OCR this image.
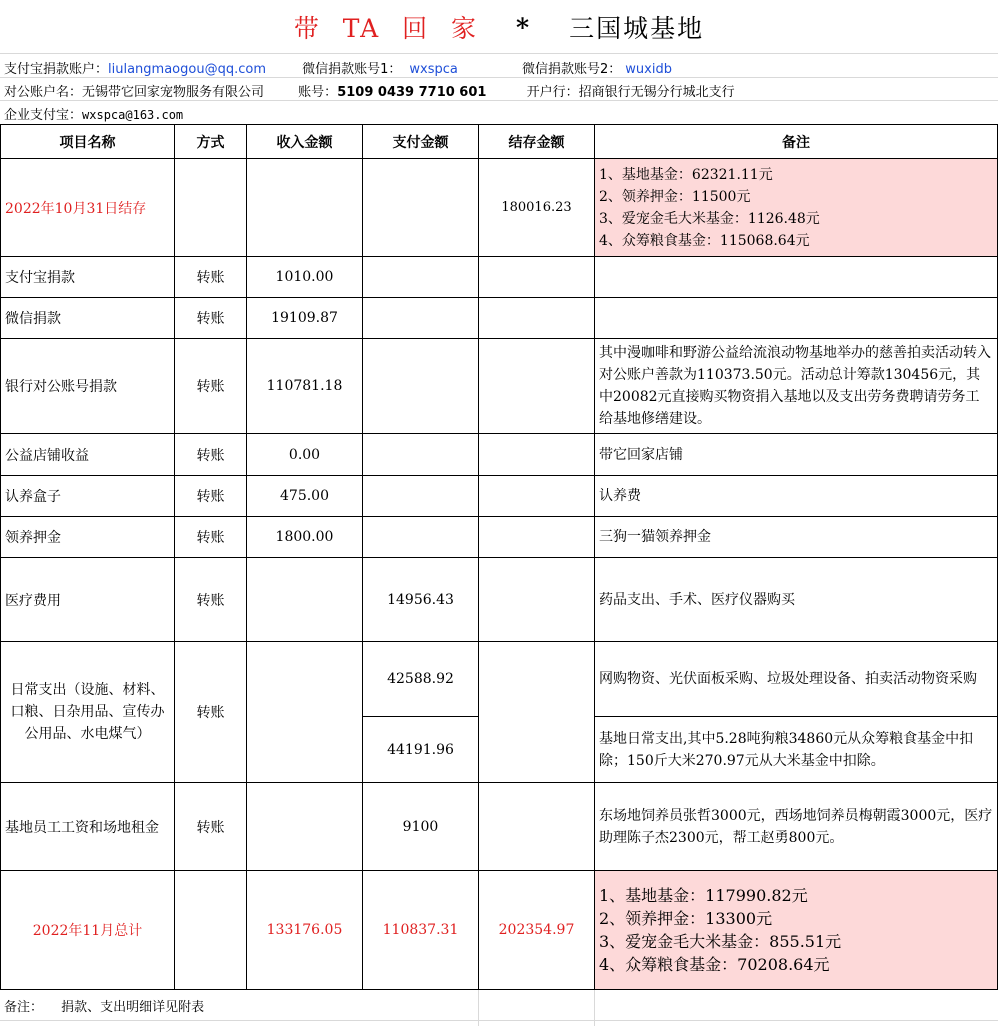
带 TA 回 家 * 三国城基地
支付宝捐款账户：liulangmaogou@qq.com	微信捐款账号1： wxspca	微信捐款账号2： wuxidb
对公账户名：无锡带它回家宠物服务有限公司	账号：5109 0439 7710 601	开户行：招商银行无锡分行城北支行
企业支付宝：wxspca@163.com
项目名称	方式	收入金额	支付金额	结存金额	备注
2022年10月31日结存				180016.23	1、基地基金：62321.11元
2、领养押金：11500元
3、爱宠金毛大米基金：1126.48元
4、众筹粮食基金：115068.64元

支付宝捐款	转账	1010.00			
微信捐款	转账	19109.87			
银行对公账号捐款	转账	110781.18			其中漫咖啡和野游公益给流浪动物基地举办的慈善拍卖活动转入对公账户善款为110373.50元。活动总计筹款130456元，其中20082元直接购买物资捐入基地以及支出劳务费聘请劳务工给基地修缮建设。
公益店铺收益	转账	0.00			带它回家店铺
认养盒子	转账	475.00			认养费
领养押金	转账	1800.00			三狗一猫领养押金
医疗费用	转账		14956.43		药品支出、手术、医疗仪器购买
日常支出（设施、材料、口粮、日杂用品、宣传办公用品、水电煤气）	转账		42588.92		网购物资、光伏面板采购、垃圾处理设备、拍卖活动物资采购
			44191.96		基地日常支出,其中5.28吨狗粮34860元从众筹粮食基金中扣除；150斤大米270.97元从大米基金中扣除。
基地员工工资和场地租金	转账		9100		东场地饲养员张哲3000元，西场地饲养员梅朝霞3000元，医疗助理陈子杰2300元，帮工赵勇800元。
2022年11月总计		133176.05	110837.31	202354.97	1、基地基金：117990.82元
2、领养押金：13300元
3、爱宠金毛大米基金：855.51元
4、众筹粮食基金：70208.64元
备注： 捐款、支出明细详见附表
